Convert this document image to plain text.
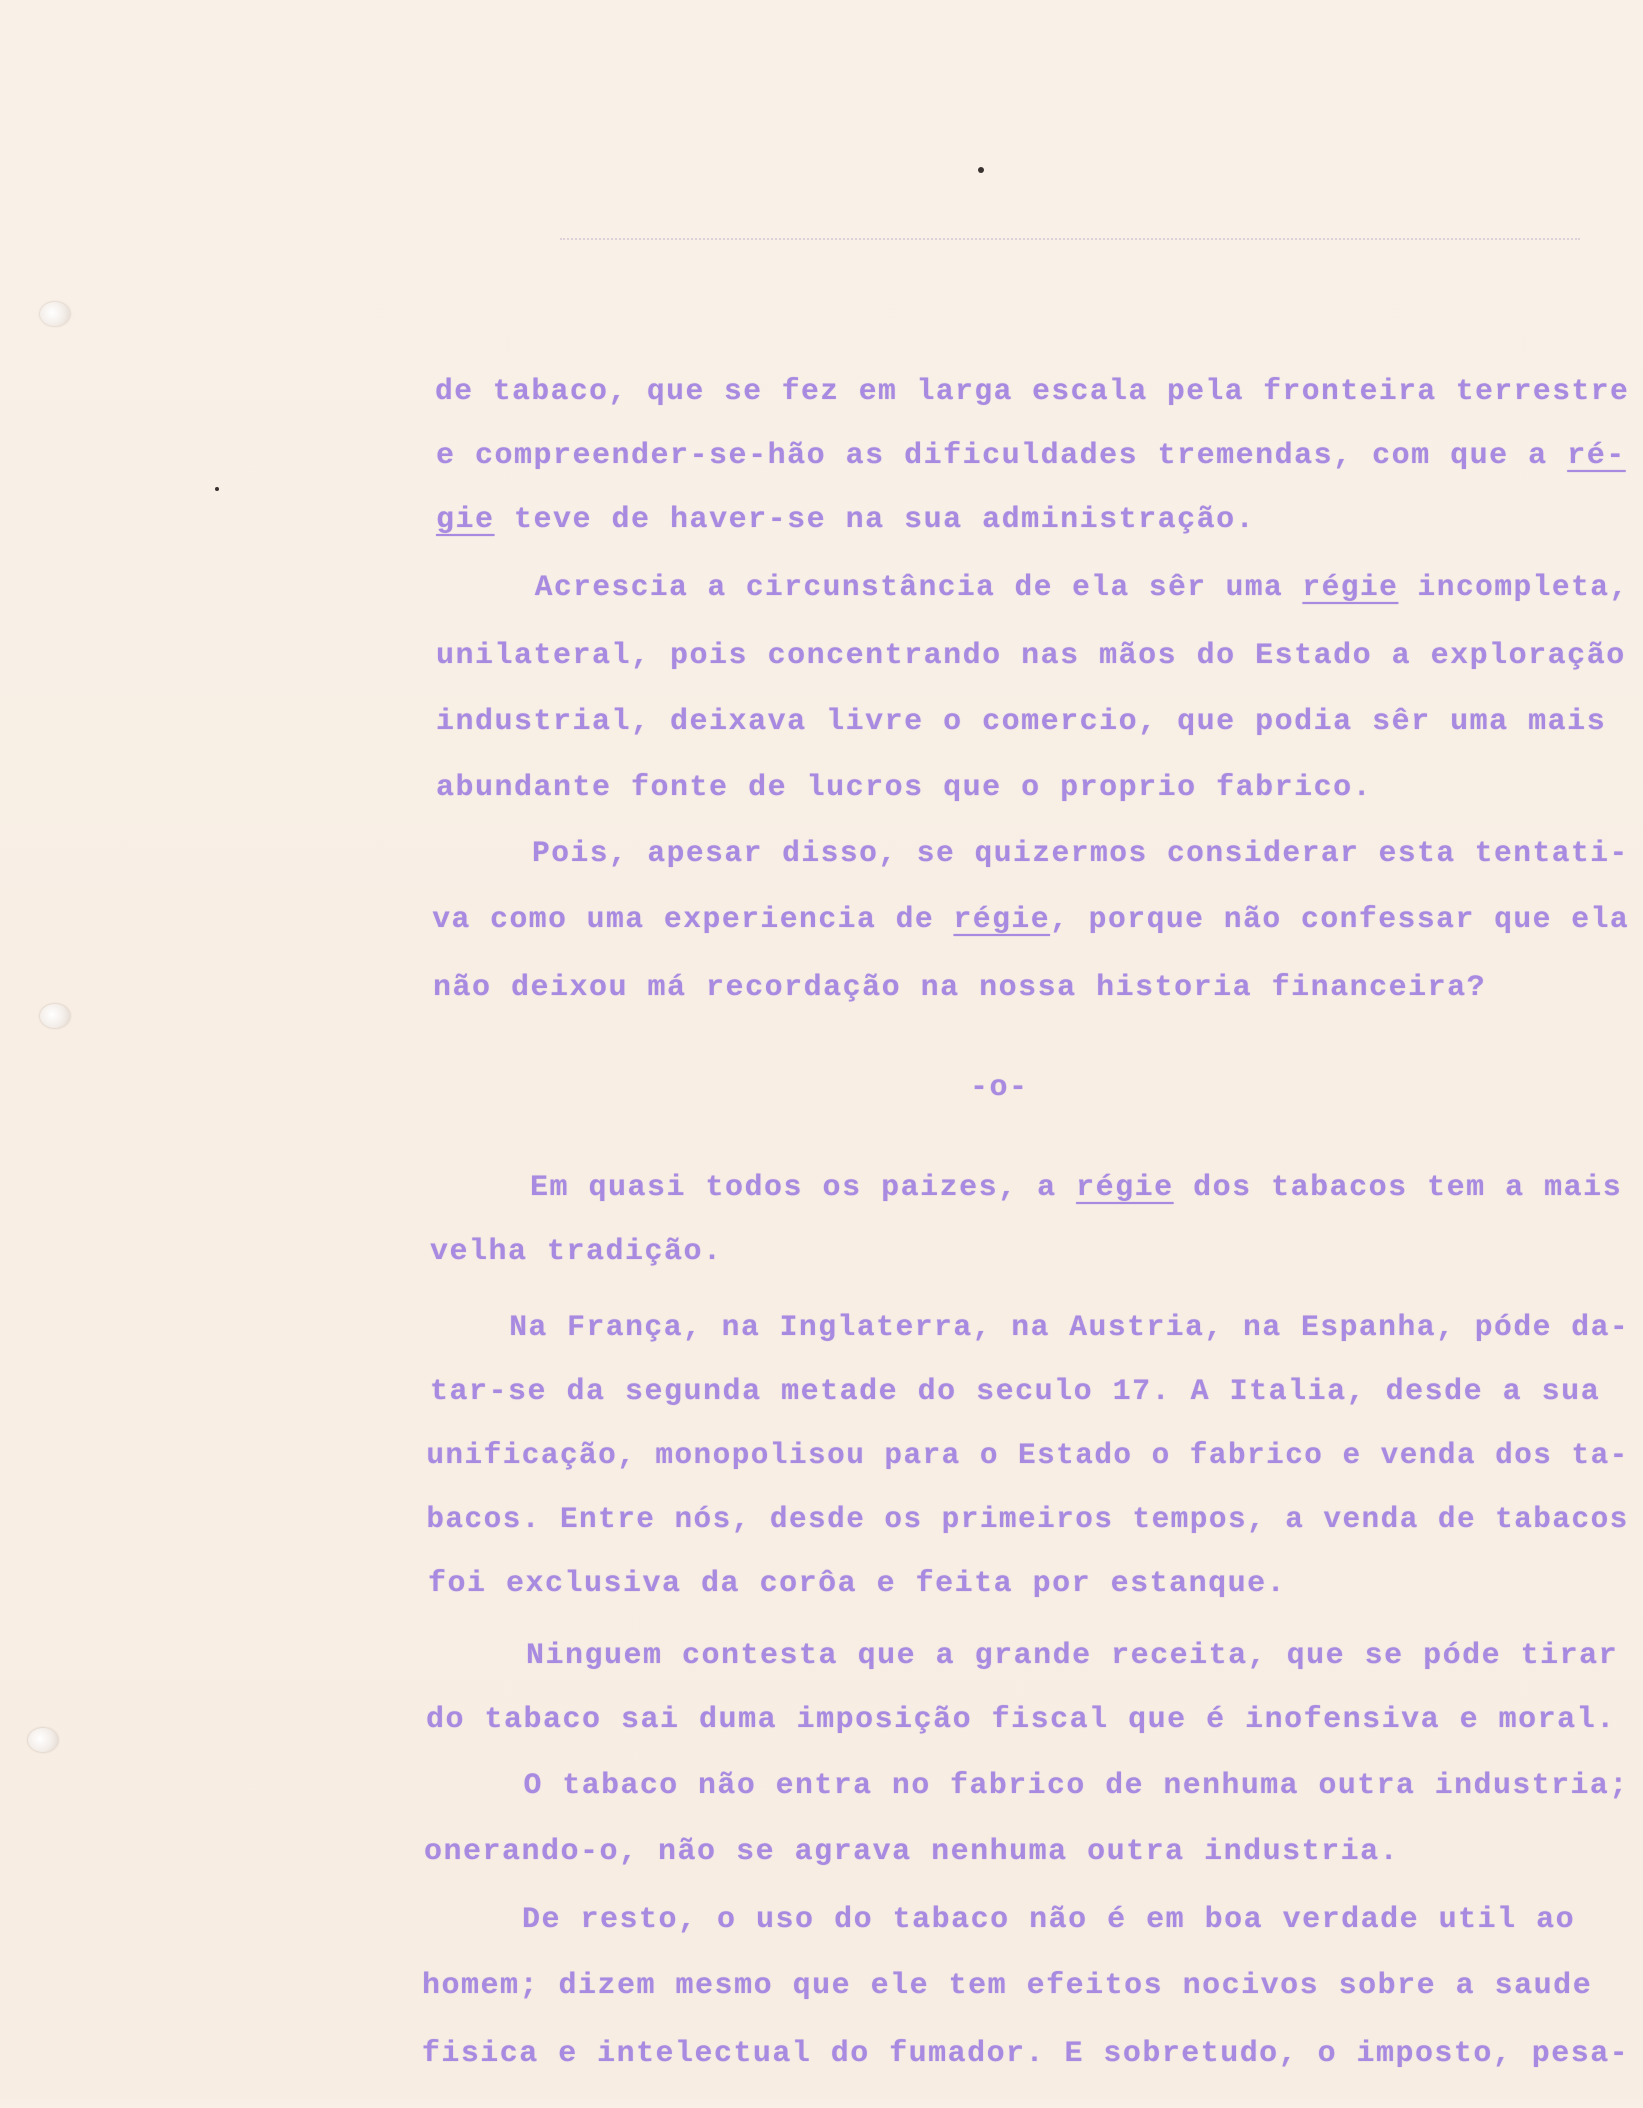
de tabaco, que se fez em larga escala pela fronteira terrestre

e compreender-se-hão as dificuldades tremendas, com que a ré-

gie teve de haver-se na sua administração.

Acrescia a circunstância de ela sêr uma régie incompleta,

unilateral, pois concentrando nas mãos do Estado a exploração

industrial, deixava livre o comercio, que podia sêr uma mais

abundante fonte de lucros que o proprio fabrico.

Pois, apesar disso, se quizermos considerar esta tentati-

va como uma experiencia de régie, porque não confessar que ela

não deixou má recordação na nossa historia financeira?

-o-

Em quasi todos os paizes, a régie dos tabacos tem a mais

velha tradição.

Na França, na Inglaterra, na Austria, na Espanha, póde da-

tar-se da segunda metade do seculo 17. A Italia, desde a sua

unificação, monopolisou para o Estado o fabrico e venda dos ta-

bacos. Entre nós, desde os primeiros tempos, a venda de tabacos

foi exclusiva da corôa e feita por estanque.

Ninguem contesta que a grande receita, que se póde tirar

do tabaco sai duma imposição fiscal que é inofensiva e moral.

O tabaco não entra no fabrico de nenhuma outra industria;

onerando-o, não se agrava nenhuma outra industria.

De resto, o uso do tabaco não é em boa verdade util ao

homem; dizem mesmo que ele tem efeitos nocivos sobre a saude

fisica e intelectual do fumador. E sobretudo, o imposto, pesa-
